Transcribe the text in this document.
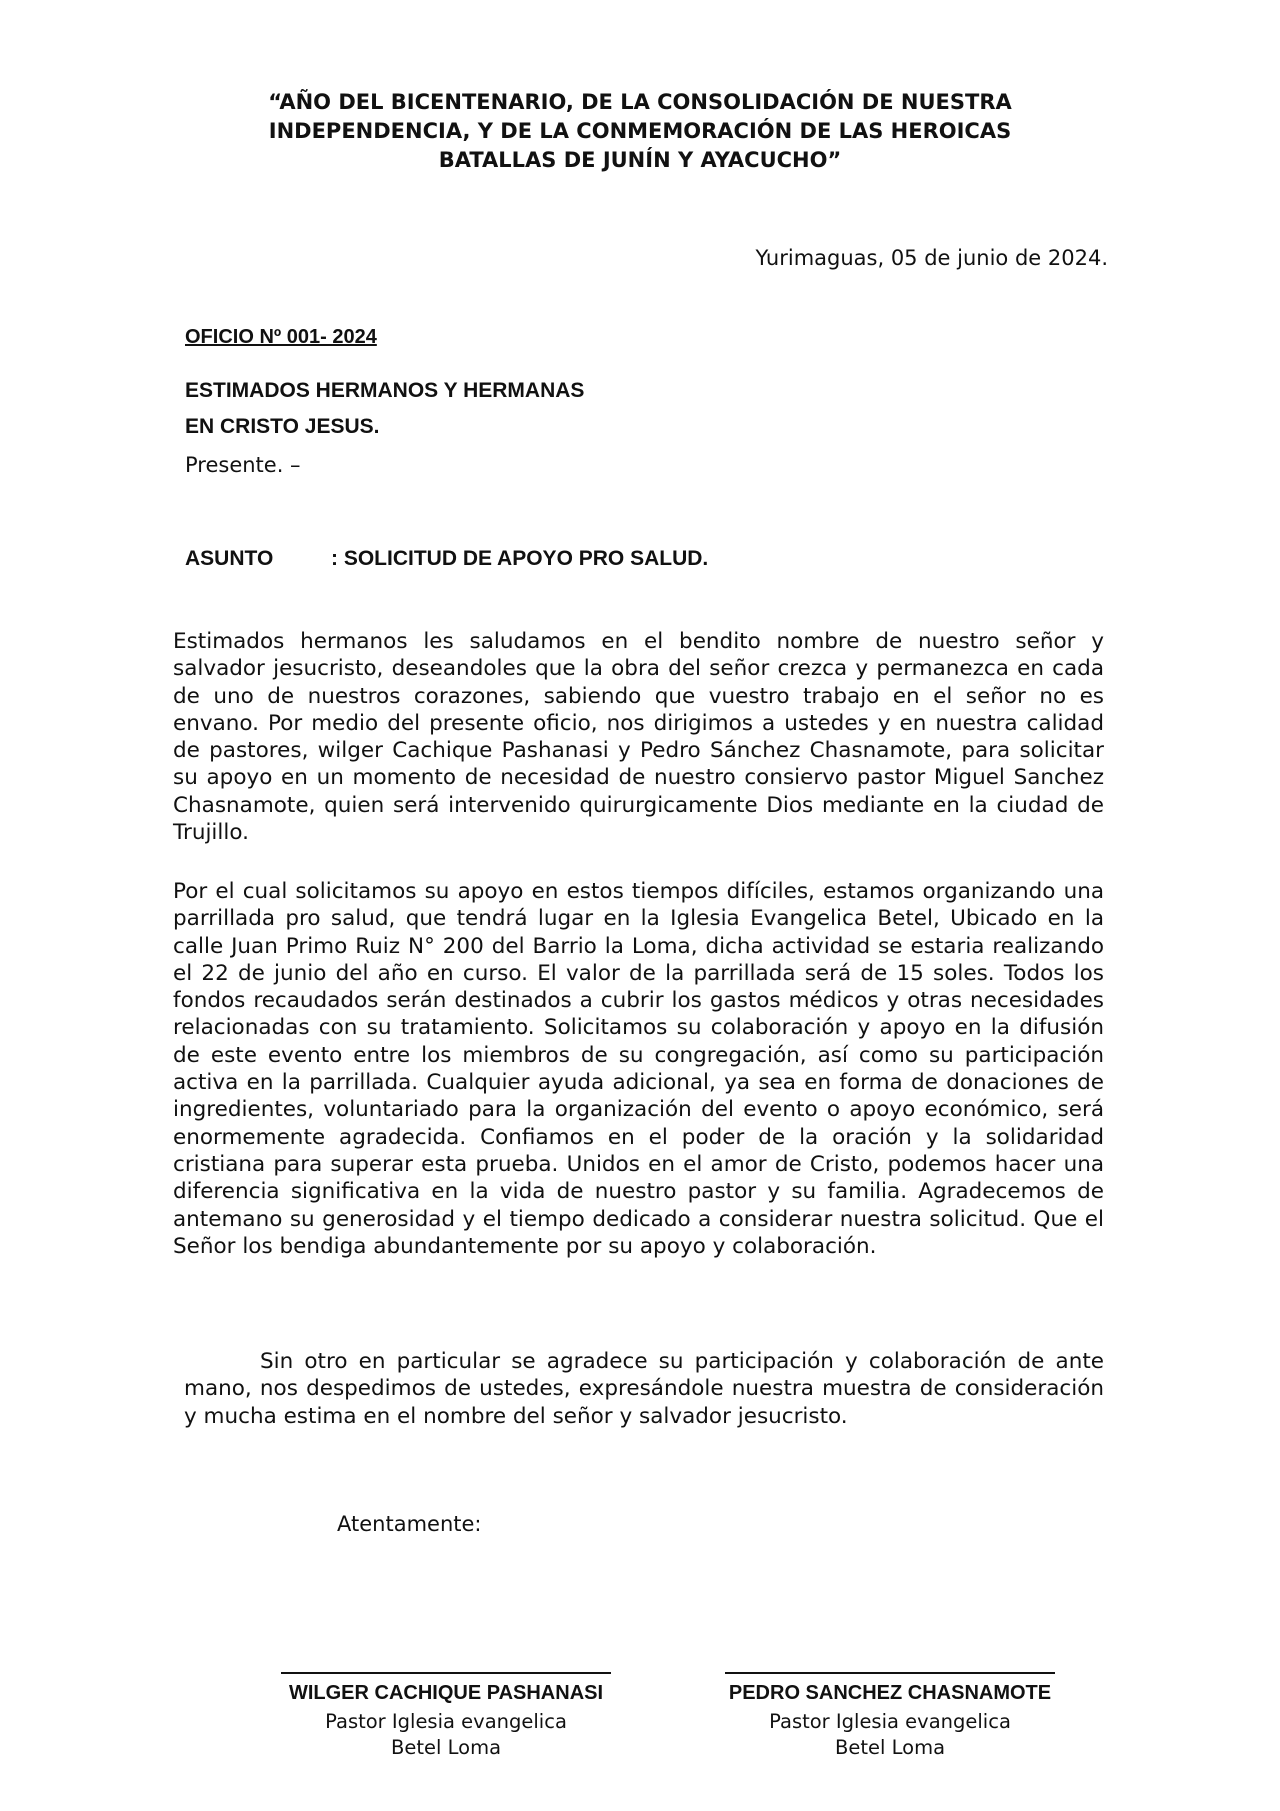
“AÑO DEL BICENTENARIO, DE LA CONSOLIDACIÓN DE NUESTRA
INDEPENDENCIA, Y DE LA CONMEMORACIÓN DE LAS HEROICAS
BATALLAS DE JUNÍN Y AYACUCHO”
Yurimaguas, 05 de junio de 2024.
OFICIO Nº 001- 2024
ESTIMADOS HERMANOS Y HERMANAS
EN CRISTO JESUS.
Presente. –
ASUNTO	: SOLICITUD DE APOYO PRO SALUD.

Estimados hermanos les saludamos en el bendito nombre de nuestro señor y salvador jesucristo, deseandoles que la obra del señor crezca y permanezca en cada de uno de nuestros corazones, sabiendo que vuestro trabajo en el señor no es envano. Por medio del presente oficio, nos dirigimos a ustedes y en nuestra calidad de pastores, wilger Cachique Pashanasi y Pedro Sánchez Chasnamote, para solicitar su apoyo en un momento de necesidad de nuestro consiervo pastor Miguel Sanchez Chasnamote, quien será intervenido quirurgicamente Dios mediante en la ciudad de Trujillo.

Por el cual solicitamos su apoyo en estos tiempos difíciles, estamos organizando una parrillada pro salud, que tendrá lugar en la Iglesia Evangelica Betel, Ubicado en la calle Juan Primo Ruiz N° 200 del Barrio la Loma, dicha actividad se estaria realizando el 22 de junio del año en curso. El valor de la parrillada será de 15 soles. Todos los fondos recaudados serán destinados a cubrir los gastos médicos y otras necesidades relacionadas con su tratamiento. Solicitamos su colaboración y apoyo en la difusión de este evento entre los miembros de su congregación, así como su participación activa en la parrillada. Cualquier ayuda adicional, ya sea en forma de donaciones de ingredientes, voluntariado para la organización del evento o apoyo económico, será enormemente agradecida. Confiamos en el poder de la oración y la solidaridad cristiana para superar esta prueba. Unidos en el amor de Cristo, podemos hacer una diferencia significativa en la vida de nuestro pastor y su familia. Agradecemos de antemano su generosidad y el tiempo dedicado a considerar nuestra solicitud. Que el Señor los bendiga abundantemente por su apoyo y colaboración.

Sin otro en particular se agradece su participación y colaboración de ante mano, nos despedimos de ustedes, expresándole nuestra muestra de consideración y mucha estima en el nombre del señor y salvador jesucristo.

Atentamente:
WILGER CACHIQUE PASHANASI
Pastor Iglesia evangelica
Betel Loma
PEDRO SANCHEZ CHASNAMOTE
Pastor Iglesia evangelica
Betel Loma
